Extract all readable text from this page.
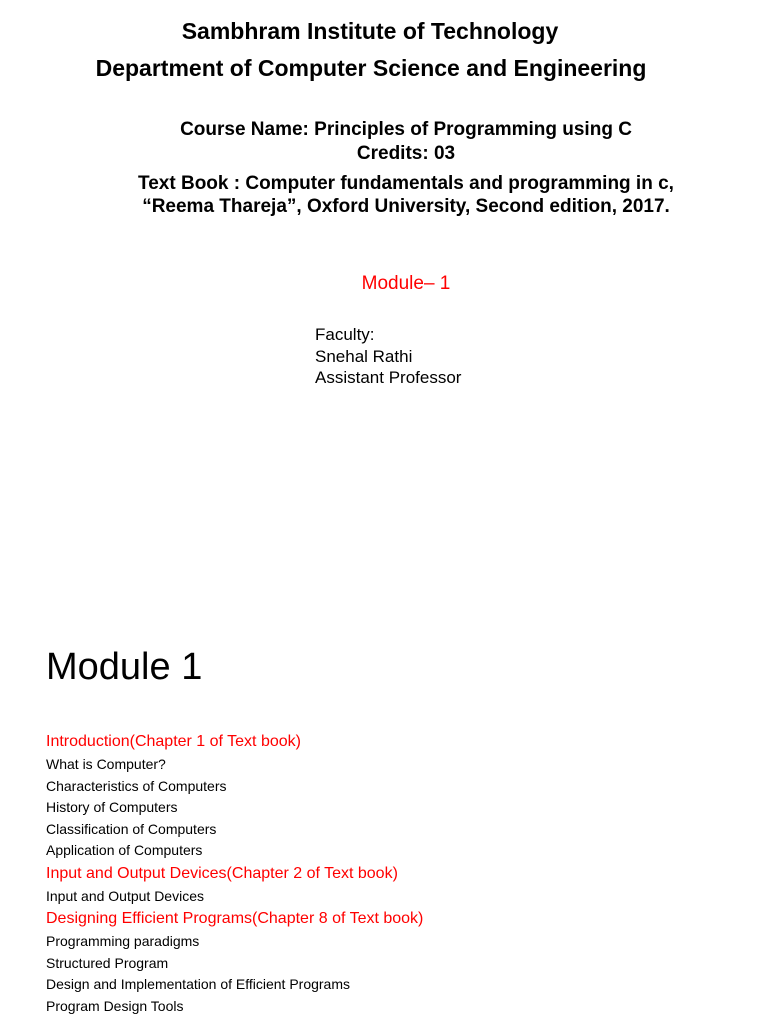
Sambhram Institute of Technology
Department of Computer Science and Engineering
Course Name: Principles of Programming using C
Credits: 03
Text Book : Computer fundamentals and programming in c, “Reema Thareja”, Oxford University, Second edition, 2017.
Module– 1
Faculty:
Snehal Rathi
Assistant Professor
Module 1
Introduction(Chapter 1 of Text book)
What is Computer?
Characteristics of Computers
History of Computers
Classification of Computers
Application of Computers
Input and Output Devices(Chapter 2 of Text book)
Input and Output Devices
Designing Efficient Programs(Chapter 8 of Text book)
Programming paradigms
Structured Program
Design and Implementation of Efficient Programs
Program Design Tools
